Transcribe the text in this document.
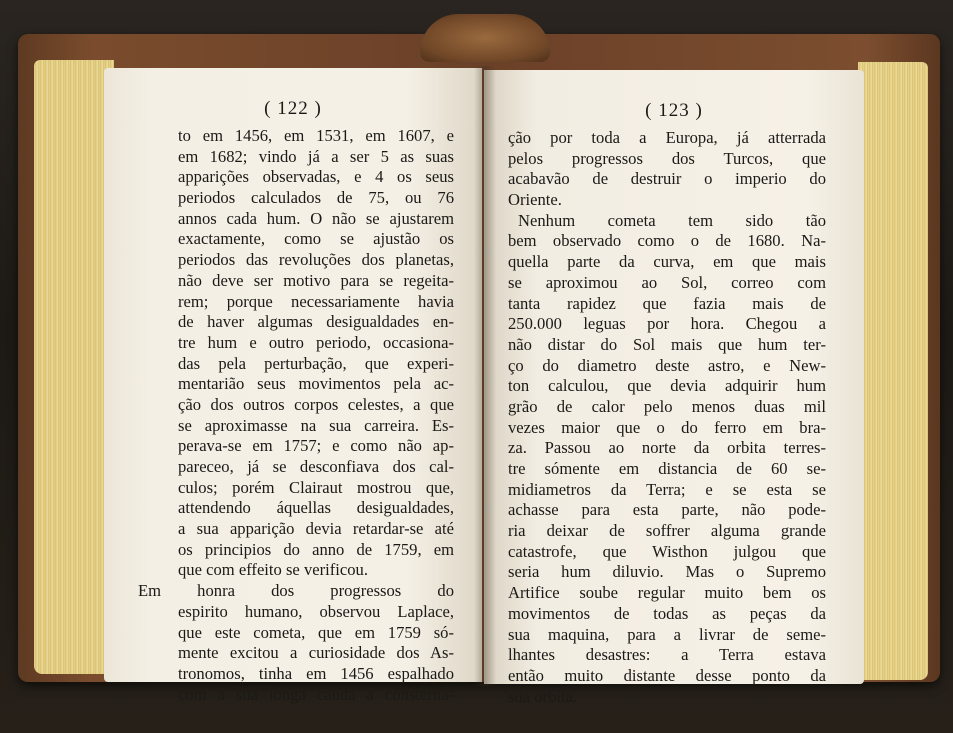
( 122 )
to em 1456, em 1531, em 1607, e
em 1682; vindo já a ser 5 as suas
apparições observadas, e 4 os seus
periodos calculados de 75, ou 76
annos cada hum. O não se ajustarem
exactamente, como se ajustão os
periodos das revoluções dos planetas,
não deve ser motivo para se regeita-
rem; porque necessariamente havia
de haver algumas desigualdades en-
tre hum e outro periodo, occasiona-
das pela perturbação, que experi-
mentarião seus movimentos pela ac-
ção dos outros corpos celestes, a que
se aproximasse na sua carreira. Es-
perava-se em 1757; e como não ap-
pareceo, já se desconfiava dos cal-
culos; porém Clairaut mostrou que,
attendendo áquellas desigualdades,
a sua apparição devia retardar-se até
os principios do anno de 1759, em
que com effeito se verificou.
Em honra dos progressos do
espirito humano, observou Laplace,
que este cometa, que em 1759 só-
mente excitou a curiosidade dos As-
tronomos, tinha em 1456 espalhado
com a sua longa cauda a consterna-
( 123 )
ção por toda a Europa, já atterrada
pelos progressos dos Turcos, que
acabavão de destruir o imperio do
Oriente.
Nenhum cometa tem sido tão
bem observado como o de 1680. Na-
quella parte da curva, em que mais
se aproximou ao Sol, correo com
tanta rapidez que fazia mais de
250.000 leguas por hora. Chegou a
não distar do Sol mais que hum ter-
ço do diametro deste astro, e New-
ton calculou, que devia adquirir hum
grão de calor pelo menos duas mil
vezes maior que o do ferro em bra-
za. Passou ao norte da orbita terres-
tre sómente em distancia de 60 se-
midiametros da Terra; e se esta se
achasse para esta parte, não pode-
ria deixar de soffrer alguma grande
catastrofe, que Wisthon julgou que
seria hum diluvio. Mas o Supremo
Artifice soube regular muito bem os
movimentos de todas as peças da
sua maquina, para a livrar de seme-
lhantes desastres: a Terra estava
então muito distante desse ponto da
sua orbita.
